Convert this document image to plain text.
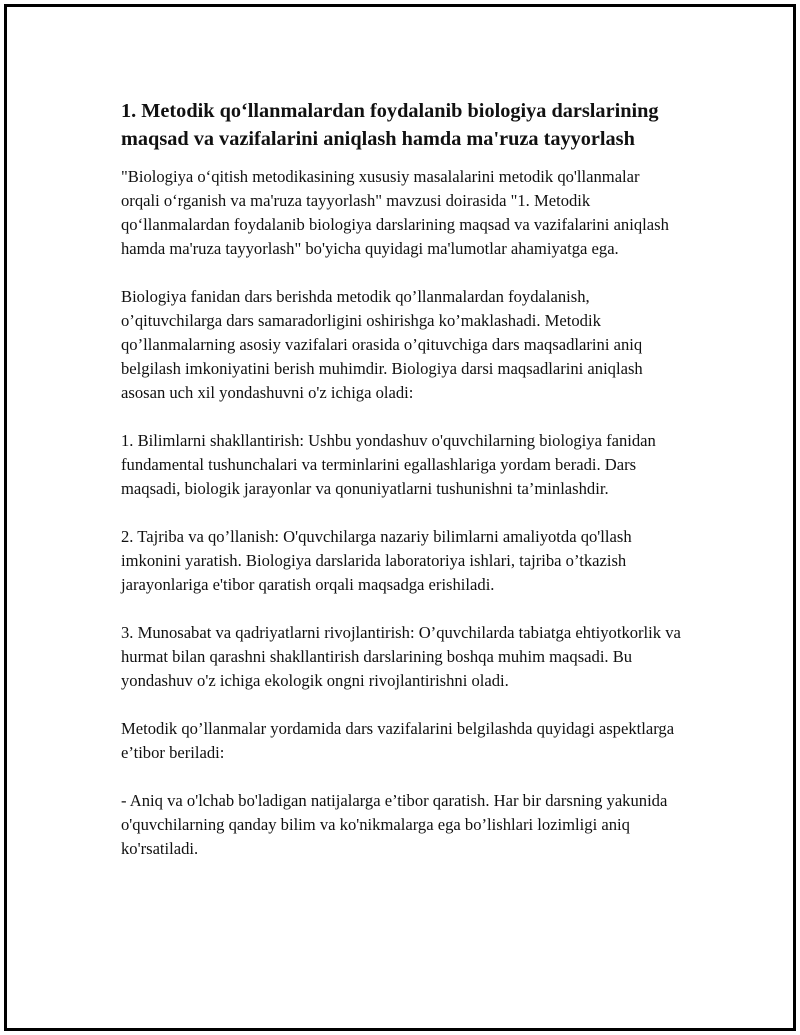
1. Metodik qo‘llanmalardan foydalanib biologiya darslarining maqsad va vazifalarini aniqlash hamda ma'ruza tayyorlash

"Biologiya o‘qitish metodikasining xususiy masalalarini metodik qo'llanmalar orqali o‘rganish va ma'ruza tayyorlash" mavzusi doirasida "1. Metodik qo‘llanmalardan foydalanib biologiya darslarining maqsad va vazifalarini aniqlash hamda ma'ruza tayyorlash" bo'yicha quyidagi ma'lumotlar ahamiyatga ega.

Biologiya fanidan dars berishda metodik qo’llanmalardan foydalanish, o’qituvchilarga dars samaradorligini oshirishga ko’maklashadi. Metodik qo’llanmalarning asosiy vazifalari orasida o’qituvchiga dars maqsadlarini aniq belgilash imkoniyatini berish muhimdir. Biologiya darsi maqsadlarini aniqlash asosan uch xil yondashuvni o'z ichiga oladi:

1. Bilimlarni shakllantirish: Ushbu yondashuv o'quvchilarning biologiya fanidan fundamental tushunchalari va terminlarini egallashlariga yordam beradi. Dars maqsadi, biologik jarayonlar va qonuniyatlarni tushunishni ta’minlashdir.

2. Tajriba va qo’llanish: O'quvchilarga nazariy bilimlarni amaliyotda qo'llash imkonini yaratish. Biologiya darslarida laboratoriya ishlari, tajriba o’tkazish jarayonlariga e'tibor qaratish orqali maqsadga erishiladi.

3. Munosabat va qadriyatlarni rivojlantirish: O’quvchilarda tabiatga ehtiyotkorlik va hurmat bilan qarashni shakllantirish darslarining boshqa muhim maqsadi. Bu yondashuv o'z ichiga ekologik ongni rivojlantirishni oladi.

Metodik qo’llanmalar yordamida dars vazifalarini belgilashda quyidagi aspektlarga e’tibor beriladi:

- Aniq va o'lchab bo'ladigan natijalarga e’tibor qaratish. Har bir darsning yakunida o'quvchilarning qanday bilim va ko'nikmalarga ega bo’lishlari lozimligi aniq ko'rsatiladi.
